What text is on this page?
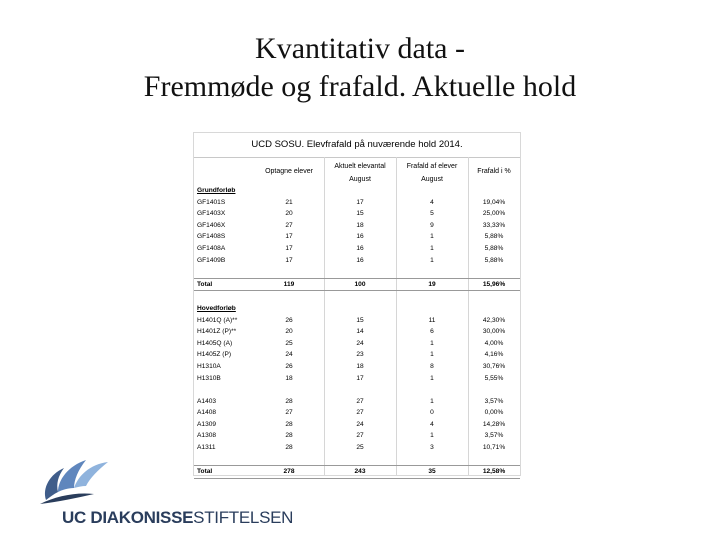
Kvantitativ data -
Fremmøde og frafald. Aktuelle hold
UCD SOSU. Elevfrafald på nuværende hold 2014.
Optagne elever
Aktuelt elevantal
August
Frafald af elever
August
Frafald i %
Grundforløb
GF1401S	21	17	4	19,04%
GF1403X	20	15	5	25,00%
GF1406X	27	18	9	33,33%
GF1408S	17	16	1	5,88%
GF1408A	17	16	1	5,88%
GF1409B	17	16	1	5,88%
Total	119	100	19	15,96%
Hovedforløb
H1401Q (A)**	26	15	11	42,30%
H1401Z (P)**	20	14	6	30,00%
H1405Q (A)	25	24	1	4,00%
H1405Z (P)	24	23	1	4,16%
H1310A	26	18	8	30,76%
H1310B	18	17	1	5,55%
A1403	28	27	1	3,57%
A1408	27	27	0	0,00%
A1309	28	24	4	14,28%
A1308	28	27	1	3,57%
A1311	28	25	3	10,71%
Total	278	243	35	12,58%
UC DIAKONISSESTIFTELSEN
